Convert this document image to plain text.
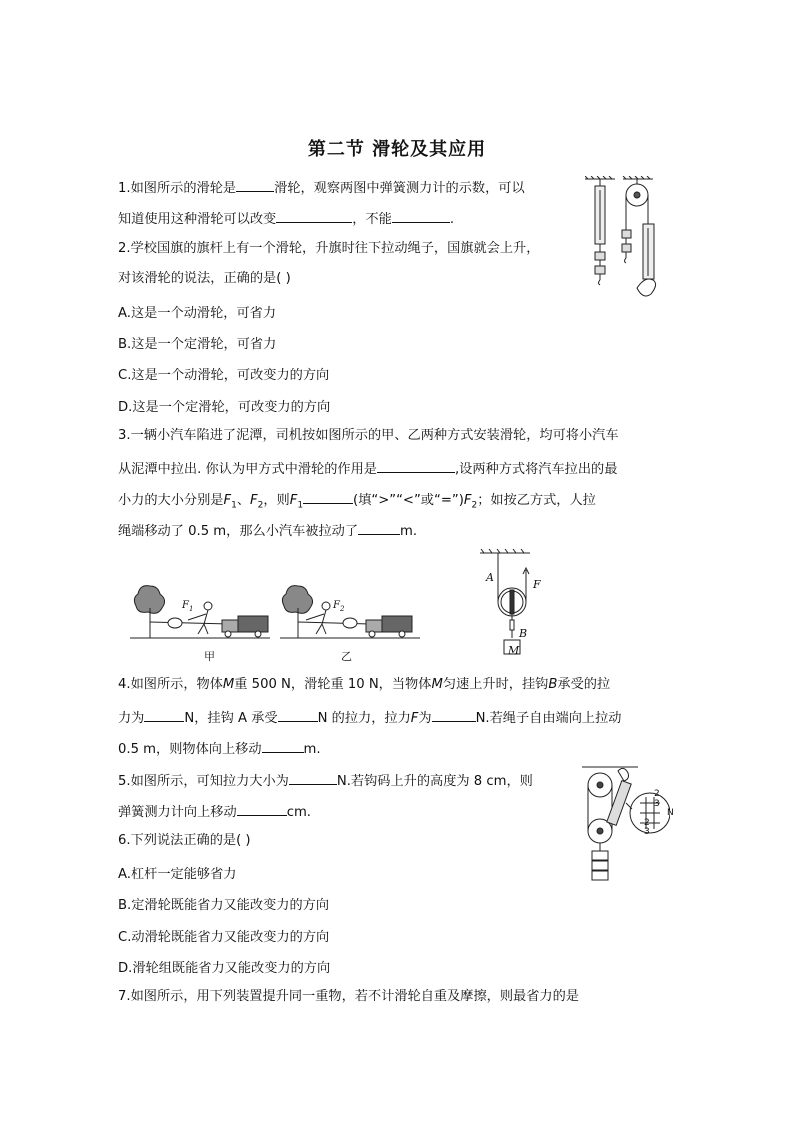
第二节 滑轮及其应用
1.如图所示的滑轮是	滑轮，观察两图中弹簧测力计的示数，可以
知道使用这种滑轮可以改变	，不能	.
2.学校国旗的旗杆上有一个滑轮，升旗时往下拉动绳子，国旗就会上升，
对该滑轮的说法，正确的是( )
A.这是一个动滑轮，可省力
B.这是一个定滑轮，可省力
C.这是一个动滑轮，可改变力的方向
D.这是一个定滑轮，可改变力的方向
3.一辆小汽车陷进了泥潭，司机按如图所示的甲、乙两种方式安装滑轮，均可将小汽车
从泥潭中拉出. 你认为甲方式中滑轮的作用是	,设两种方式将汽车拉出的最
小力的大小分别是$F_1$、$F_2$，则$F_1$	(填“>”“<”或“$=”)F_2$；如按乙方式，人拉
绳端移动了 0.5 m，那么小汽车被拉动了	m.
$F_1$	$F_2$
甲	乙
A
F
B
M
4.如图所示，物体M重 500 N，滑轮重 10 N，当物体M匀速上升时，挂钩B承受的拉
力为	N，挂钩 A 承受	N 的拉力，拉力F为	N.若绳子自由端向上拉动
0.5 m，则物体向上移动	m.
5.如图所示，可知拉力大小为	N.若钩码上升的高度为 8 cm，则
弹簧测力计向上移动	cm.
2
3
N
2
3
6.下列说法正确的是( )
A.杠杆一定能够省力
B.定滑轮既能省力又能改变力的方向
C.动滑轮既能省力又能改变力的方向
D.滑轮组既能省力又能改变力的方向
7.如图所示，用下列装置提升同一重物，若不计滑轮自重及摩擦，则最省力的是
